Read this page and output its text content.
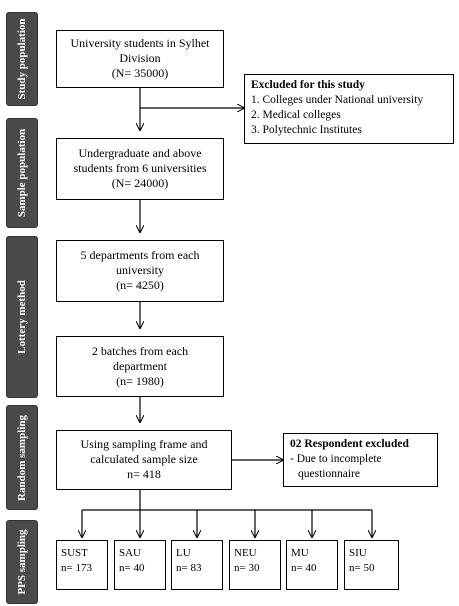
Study population
Sample population
Lottery method
Random sampling
PPS sampling
University students in Sylhet
Division
(N= 35000)
Undergraduate and above
students from 6 universities
(N= 24000)
5 departments from each
university
(n= 4250)
2 batches from each
department
(n= 1980)
Using sampling frame and
calculated sample size
n= 418
Excluded for this study
1. Colleges under National university
2. Medical colleges
3. Polytechnic Institutes
02 Respondent excluded
- Due to incomplete
questionnaire
SUST
n= 173
SAU
n= 40
LU
n= 83
NEU
n= 30
MU
n= 40
SIU
n= 50
